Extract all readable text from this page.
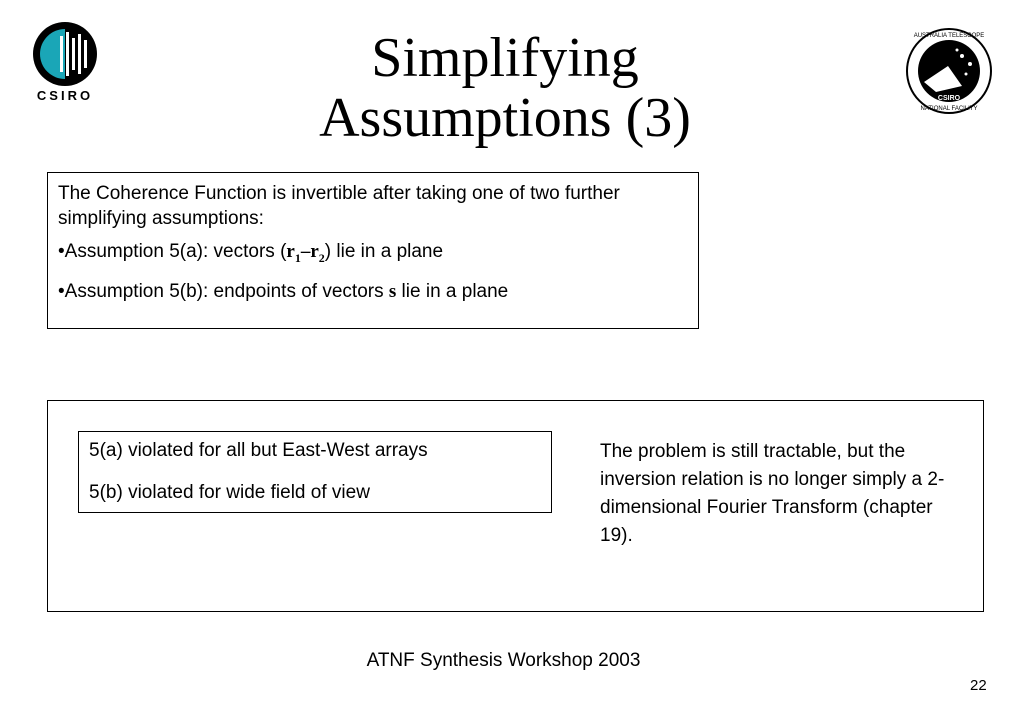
CSIRO
AUSTRALIA TELESCOPE
CSIRO
NATIONAL FACILITY
Simplifying
Assumptions (3)

The Coherence Function is invertible after taking one of two further simplifying assumptions:

•Assumption 5(a): vectors $(r_1-r_2)$ lie in a plane

•Assumption 5(b): endpoints of vectors s lie in a plane

5(a) violated for all but East-West arrays

5(b) violated for wide field of view

The problem is still tractable, but the inversion relation is no longer simply a 2-dimensional Fourier Transform (chapter 19).
ATNF Synthesis Workshop 2003
22
